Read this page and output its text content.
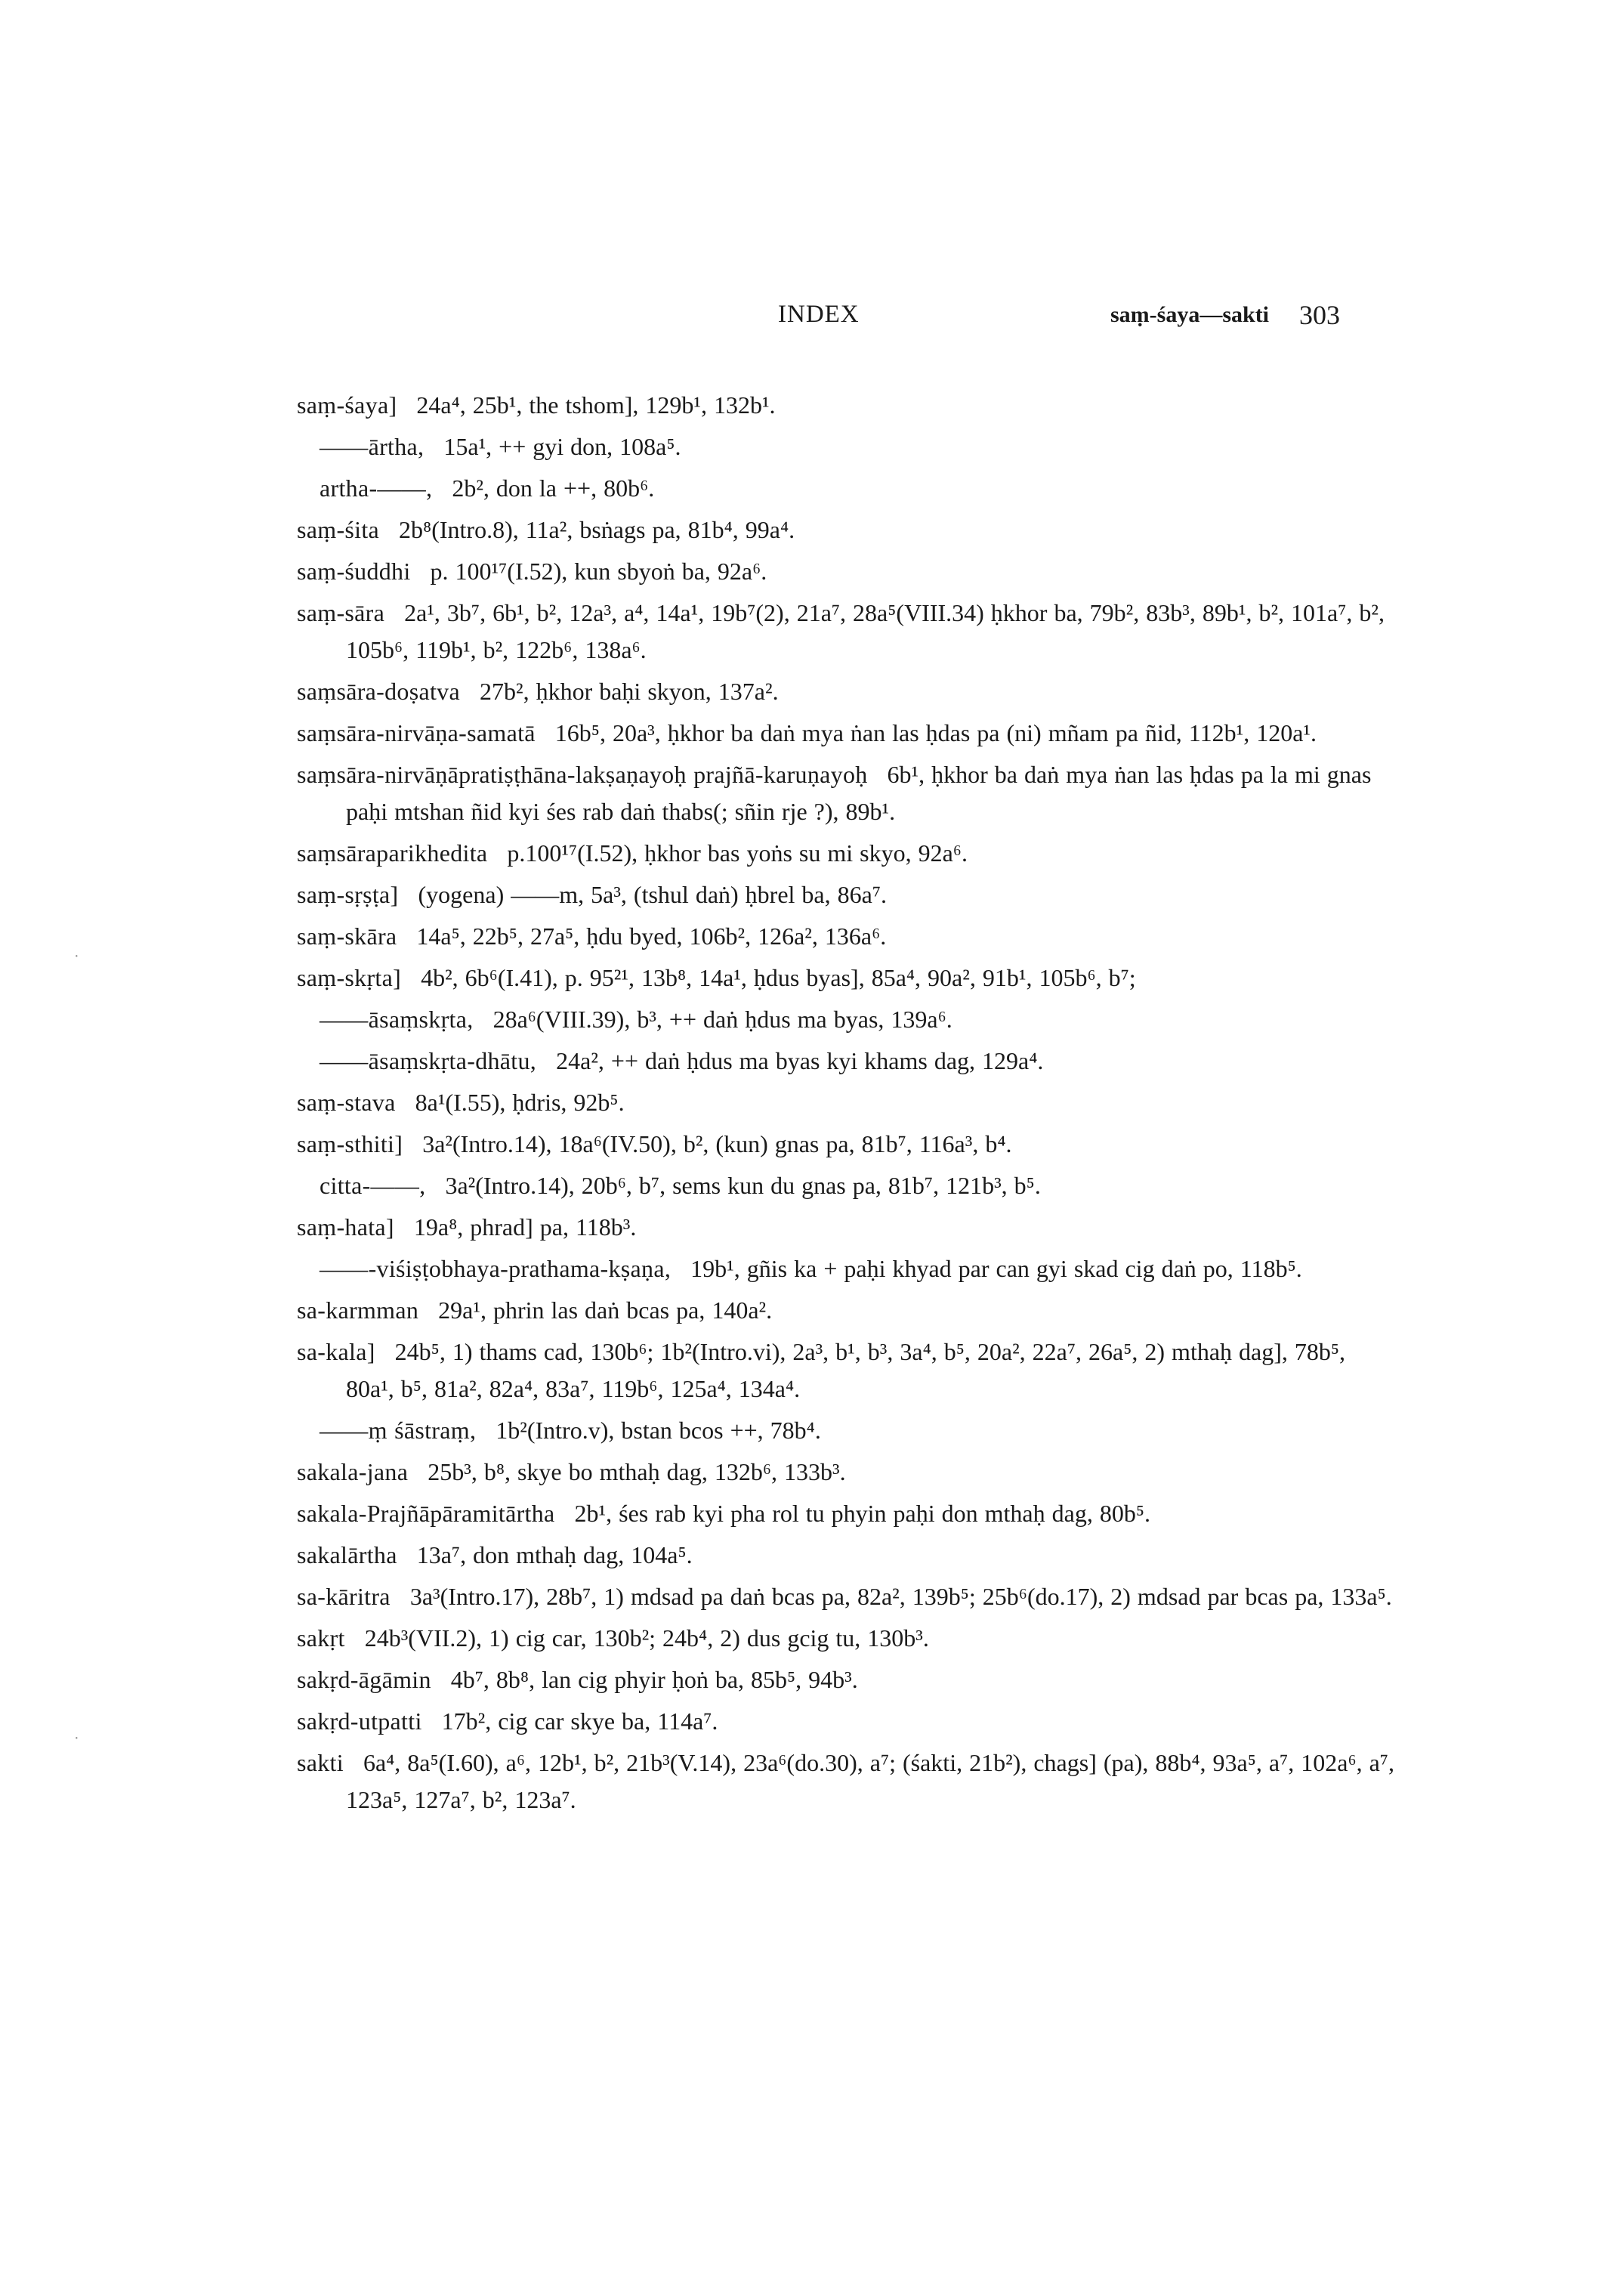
INDEX	saṃ-śaya—sakti 303

saṃ-śaya] 24a⁴, 25b¹, the tshom], 129b¹, 132b¹.

——ārtha, 15a¹, ++ gyi don, 108a⁵.

artha-——, 2b², don la ++, 80b⁶.

saṃ-śita 2b⁸(Intro.8), 11a², bsṅags pa, 81b⁴, 99a⁴.

saṃ-śuddhi p. 100¹⁷(I.52), kun sbyoṅ ba, 92a⁶.

saṃ-sāra 2a¹, 3b⁷, 6b¹, b², 12a³, a⁴, 14a¹, 19b⁷(2), 21a⁷, 28a⁵(VIII.34) ḥkhor ba, 79b², 83b³, 89b¹, b², 101a⁷, b², 105b⁶, 119b¹, b², 122b⁶, 138a⁶.

saṃsāra-doṣatva 27b², ḥkhor baḥi skyon, 137a².

saṃsāra-nirvāṇa-samatā 16b⁵, 20a³, ḥkhor ba daṅ mya ṅan las ḥdas pa (ni) mñam pa ñid, 112b¹, 120a¹.

saṃsāra-nirvāṇāpratiṣṭhāna-lakṣaṇayoḥ prajñā-karuṇayoḥ 6b¹, ḥkhor ba daṅ mya ṅan las ḥdas pa la mi gnas paḥi mtshan ñid kyi śes rab daṅ thabs(; sñin rje ?), 89b¹.

saṃsāraparikhedita p.100¹⁷(I.52), ḥkhor bas yoṅs su mi skyo, 92a⁶.

saṃ-sṛṣṭa] (yogena) ——m, 5a³, (tshul daṅ) ḥbrel ba, 86a⁷.

saṃ-skāra 14a⁵, 22b⁵, 27a⁵, ḥdu byed, 106b², 126a², 136a⁶.

saṃ-skṛta] 4b², 6b⁶(I.41), p. 95²¹, 13b⁸, 14a¹, ḥdus byas], 85a⁴, 90a², 91b¹, 105b⁶, b⁷;

——āsaṃskṛta, 28a⁶(VIII.39), b³, ++ daṅ ḥdus ma byas, 139a⁶.

——āsaṃskṛta-dhātu, 24a², ++ daṅ ḥdus ma byas kyi khams dag, 129a⁴.

saṃ-stava 8a¹(I.55), ḥdris, 92b⁵.

saṃ-sthiti] 3a²(Intro.14), 18a⁶(IV.50), b², (kun) gnas pa, 81b⁷, 116a³, b⁴.

citta-——, 3a²(Intro.14), 20b⁶, b⁷, sems kun du gnas pa, 81b⁷, 121b³, b⁵.

saṃ-hata] 19a⁸, phrad] pa, 118b³.

——-viśiṣṭobhaya-prathama-kṣaṇa, 19b¹, gñis ka + paḥi khyad par can gyi skad cig daṅ po, 118b⁵.

sa-karmman 29a¹, phrin las daṅ bcas pa, 140a².

sa-kala] 24b⁵, 1) thams cad, 130b⁶; 1b²(Intro.vi), 2a³, b¹, b³, 3a⁴, b⁵, 20a², 22a⁷, 26a⁵, 2) mthaḥ dag], 78b⁵, 80a¹, b⁵, 81a², 82a⁴, 83a⁷, 119b⁶, 125a⁴, 134a⁴.

——ṃ śāstraṃ, 1b²(Intro.v), bstan bcos ++, 78b⁴.

sakala-jana 25b³, b⁸, skye bo mthaḥ dag, 132b⁶, 133b³.

sakala-Prajñāpāramitārtha 2b¹, śes rab kyi pha rol tu phyin paḥi don mthaḥ dag, 80b⁵.

sakalārtha 13a⁷, don mthaḥ dag, 104a⁵.

sa-kāritra 3a³(Intro.17), 28b⁷, 1) mdsad pa daṅ bcas pa, 82a², 139b⁵; 25b⁶(do.17), 2) mdsad par bcas pa, 133a⁵.

sakṛt 24b³(VII.2), 1) cig car, 130b²; 24b⁴, 2) dus gcig tu, 130b³.

sakṛd-āgāmin 4b⁷, 8b⁸, lan cig phyir ḥoṅ ba, 85b⁵, 94b³.

sakṛd-utpatti 17b², cig car skye ba, 114a⁷.

sakti 6a⁴, 8a⁵(I.60), a⁶, 12b¹, b², 21b³(V.14), 23a⁶(do.30), a⁷; (śakti, 21b²), chags] (pa), 88b⁴, 93a⁵, a⁷, 102a⁶, a⁷, 123a⁵, 127a⁷, b², 123a⁷.

·
·
